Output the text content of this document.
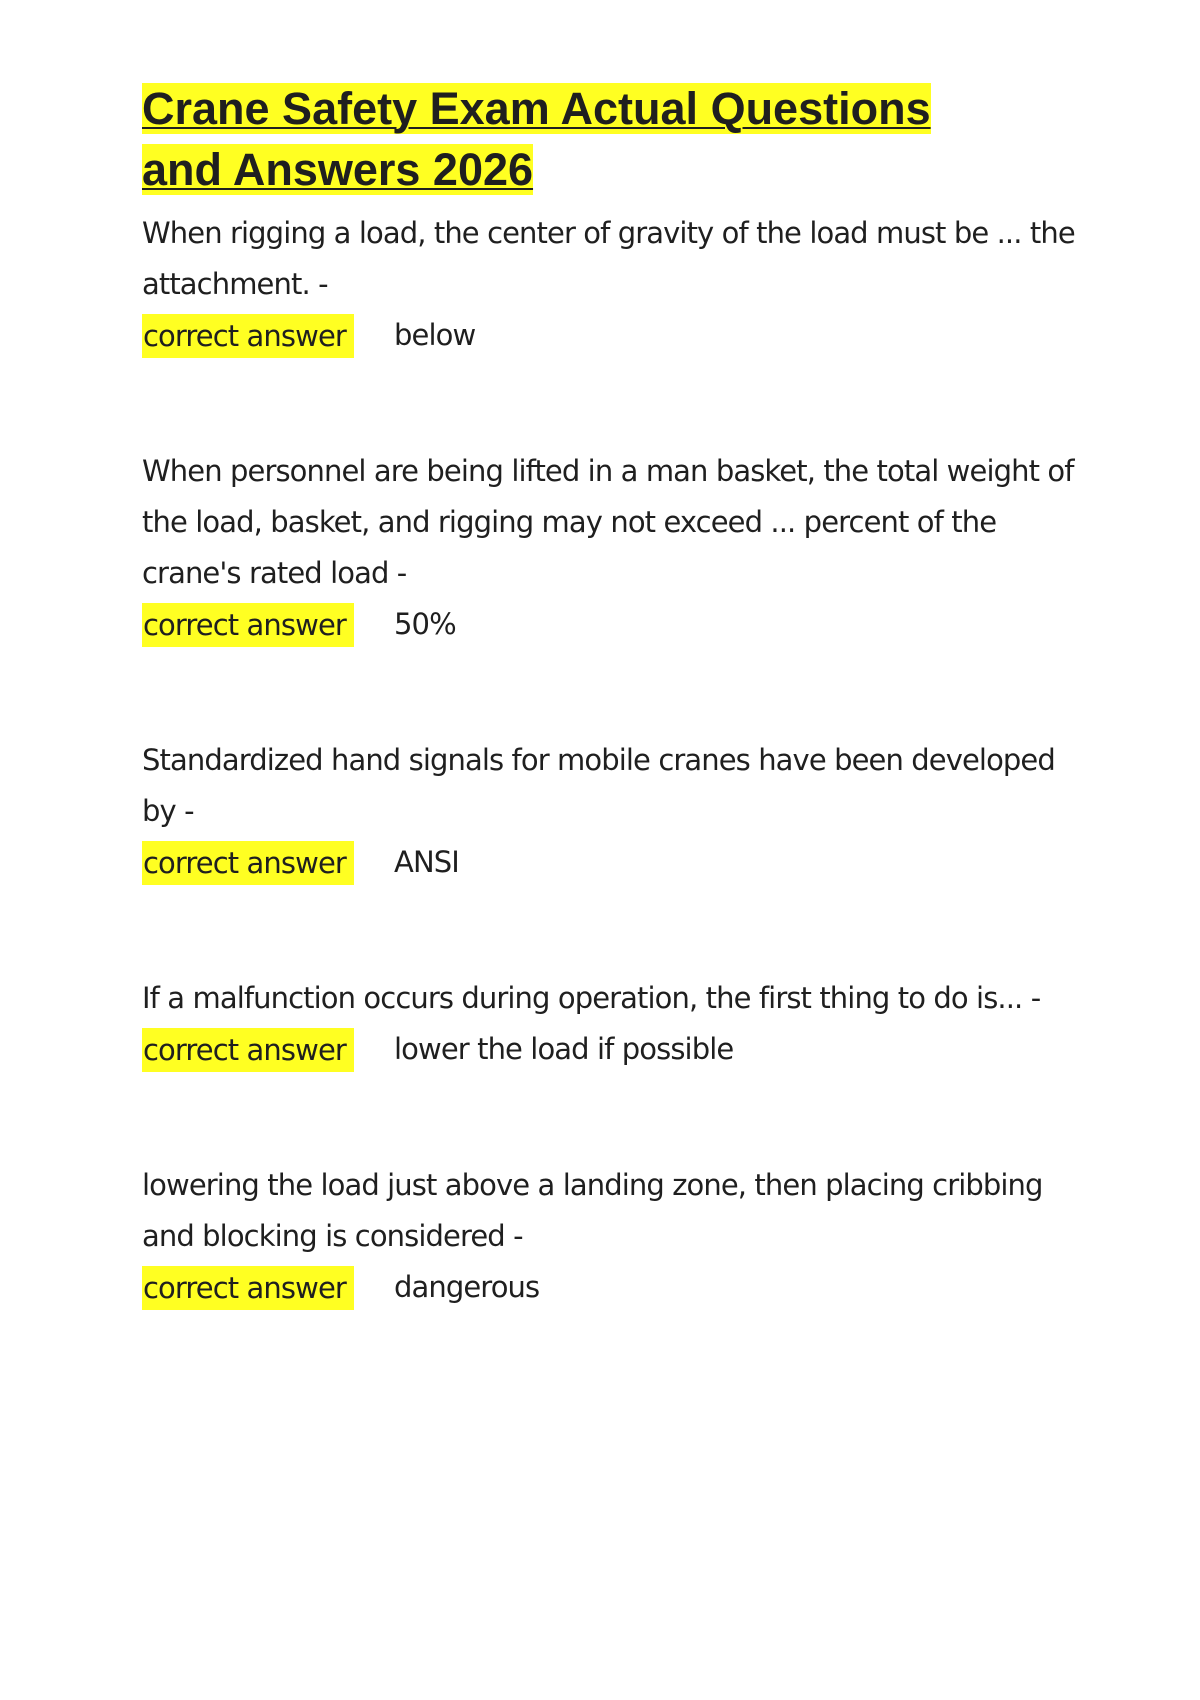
Crane Safety Exam Actual Questions
and Answers 2026

When rigging a load, the center of gravity of the load must be ... the attachment. -

correct answer below

When personnel are being lifted in a man basket, the total weight of the load, basket, and rigging may not exceed ... percent of the crane's rated load -

correct answer 50%

Standardized hand signals for mobile cranes have been developed by -

correct answer ANSI

If a malfunction occurs during operation, the first thing to do is... -

correct answer lower the load if possible

lowering the load just above a landing zone, then placing cribbing and blocking is considered -

correct answer dangerous
